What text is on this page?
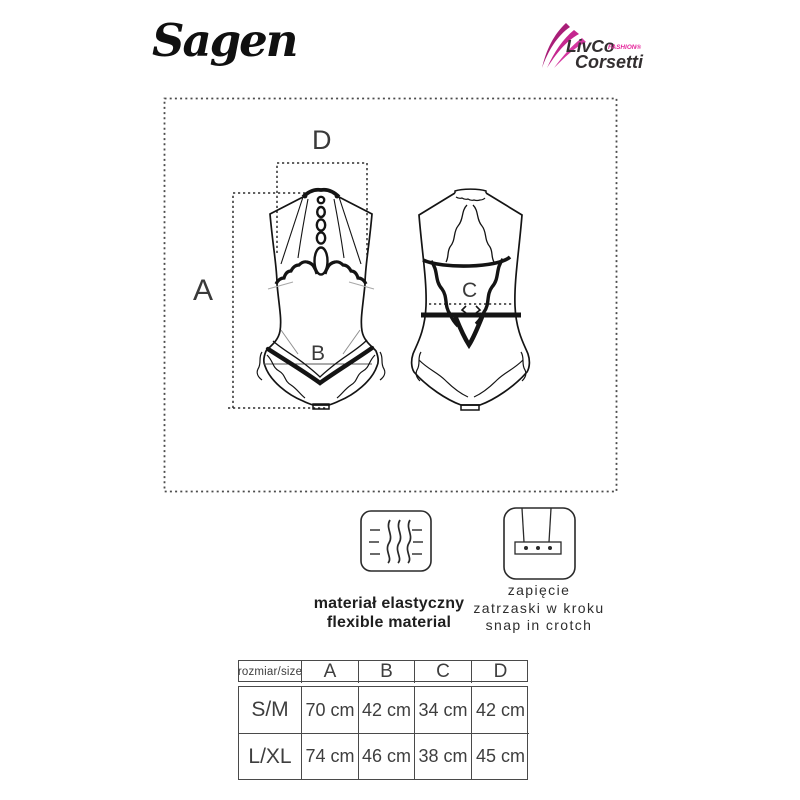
Sagen	LivCo
FASHION®
Corsetti
A
D
B
C
materiał elastyczny
flexible material
zapięcie
zatrzaski w kroku
snap in crotch
rozmiar/size	A	B	C	D
S/M 70 cm 42 cm 34 cm 42 cm
L/XL 74 cm 46 cm 38 cm 45 cm
